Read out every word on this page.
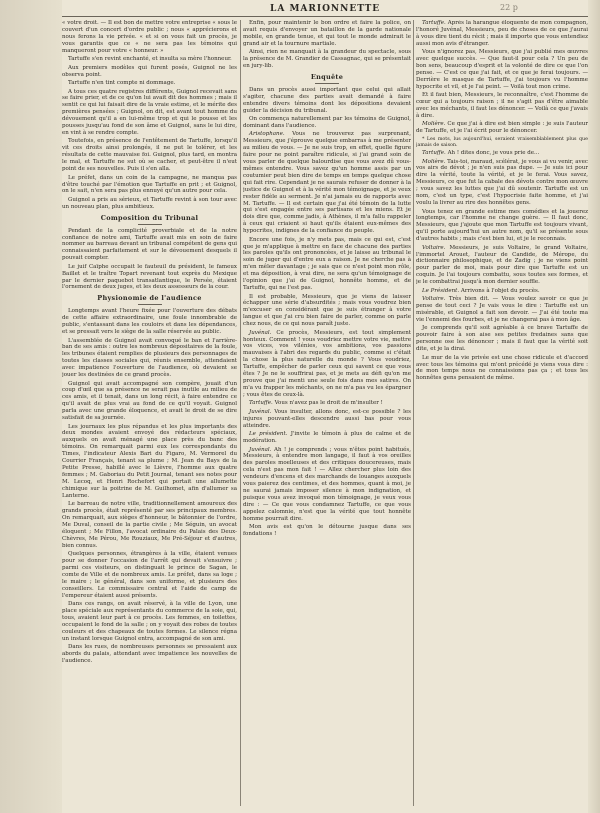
LA MARIONNETTE	22 p

« votre droit. — Il est bon de mettre votre entreprise « sous le couvert d'un concert d'ordre public ; nous « apprécierons et nous ferons la vie privée. « et si on vous fait un procès, je vous garantis que ce « ne sera pas les témoins qui manqueront pour votre « honneur. »

Tartuffe s'en revint enchanté, et insulta sa mère l'honneur.

Aux premiers modèles qui furent posés, Guignol ne les observa point.

Tartuffe n'en tint compte ni dommage.

A tous ces quatre registres différents, Guignol recevait sans se faire prier, et de ce qu'on lui avait dit des hommes ; mais il sentit ce qui lui faisait dire de la vraie estime, et le mérite des premières pensées ; Guignol, on dit, est avant tout homme du dévouement qu'il a en lui-même trop et qui le pousse et les pousses jusqu'au fond de son âme et Guignol, sans le lui dire, en vint à se rendre compte.

Toutefois, en présence de l'entêtement de Tartuffe, lorsqu'il vit ces droits ainsi prolongés, il ne put le tolérer, et les résultats de cette mauvaise foi. Guignol, plus tard, en montra le mal, et Tartuffe ne sut où se cacher, et peut-être il n'eut point de ses nouvelles. Puis il s'en alla.

Le préfet, dans un coin de la campagne, ne manqua pas d'être touché par l'émotion que Tartuffe en prit ; et Guignol, on le sait, n'en sera pas plus ennuyé qu'un autre pour cela.

Guignol a pris au sérieux, et Tartuffe revint à son tour avec un nouveau plan, plus ambitieux.

Composition du Tribunal

Pendant de la complicité proverbiale et de la notre confiance de notre ami, Tartuffe avait mis en soin de faire nommer au barreau devant un tribunal compétent de gens qui connaissaient parfaitement et sur le dévouement desquels il pouvait compter.

Le juif Caïphe occupait le fauteuil du président, le fameux Baillet et le traître Topart revenant tout exprès du Mexique par le dernier paquebot transatlantique, le Persée, étaient l'ornement de deux juges, et les deux assesseurs de la cour.

Physionomie de l'audience

Longtemps avant l'heure fixée pour l'ouverture des débats de cette affaire extraordinaire, une foule innombrable de public, s'entassant dans les couloirs et dans les dépendances, et se pressait vers le siège de la salle réservée au public.

L'assemblée de Guignol avait convoqué le ban et l'arrière-ban de ses amis : outre les nombreux dépositaires de la foule, les tribunes étaient remplies de plusieurs des personnages de toutes les classes sociales qui, réunis ensemble, attendaient avec impatience l'ouverture de l'audience, où devaient se jouer les destinées de ce grand procès.

Guignol qui avait accompagné son compère, jouait d'un coup d'œil que sa présence ne serait pas inutile au milieu de ces amis, et il tenait, dans un long récit, à faire entendre ce qu'il avait de plus vrai au fond de ce qu'il voyait. Guignol parla avec une grande éloquence, et avait le droit de se dire satisfait de sa journée.

Les journaux les plus répandus et les plus importants des deux mondes avaient envoyé des rédacteurs spéciaux, auxquels on avait ménagé une place près du banc des témoins. On remarquait parmi eux les correspondants du Times, l'indicateur Alexis Bari du Figaro, M. Vermorel du Courrier Français, tenant sa plume ; M. Jean du Bays de la Petite Presse, habillé avec le Lièvre, l'homme aux quatre femmes ; M. Gaboriau du Petit Journal, tenant ses notes pour M. Lecoq, et Henri Rochefort qui portait une allumette chimique sur la poitrine de M. Guilhomet, afin d'allumer sa Lanterne.

Le barreau de notre ville, traditionnellement amoureux des grands procès, était représenté par ses principaux membres. On remarquait, aux sièges d'honneur, le bâtonnier de l'ordre, Me Duval, conseil de la partie civile ; Me Séguin, un avocat éloquent ; Me Fillon, l'avocat ordinaire du Palais des Deux-Chèvres, Me Pérou, Me Rouziaux, Me Pré-Séjour et d'autres, bien connus.

Quelques personnes, étrangères à la ville, étaient venues pour se donner l'occasion de l'arrêt qui devait s'ensuivre ; parmi ces visiteurs, on distinguait le prince de Sagan, le comte de Ville et de nombreux amis. Le préfet, dans sa loge ; le maire ; le général, dans son uniforme, et plusieurs des conseillers. Le commissaire central et l'aide de camp de l'empereur étaient aussi présents.

Dans ces rangs, on avait réservé, à la ville de Lyon, une place spéciale aux représentants du commerce de la soie, qui, tous, avaient leur part à ce procès. Les femmes, en toilettes, occupaient le fond de la salle ; on y voyait des robes de toutes couleurs et des chapeaux de toutes formes. Le silence régna un instant lorsque Guignol entra, accompagné de son ami.

Dans les rues, de nombreuses personnes se pressaient aux abords du palais, attendant avec impatience les nouvelles de l'audience.

Enfin, pour maintenir le bon ordre et faire la police, on avait requis d'envoyer un bataillon de la garde nationale mobile, en grande tenue, et qui tout le monde admirait le grand air et la tournure martiale.

Ainsi, rien ne manquait à la grandeur du spectacle, sous la présence de M. Grandier de Cassagnac, qui se présentait en jury-lib.

Enquête

Dans un procès aussi important que celui qui allait s'agiter, chacune des parties avait demandé à faire entendre divers témoins dont les dépositions devaient guider la décision du tribunal.

On commença naturellement par les témoins de Guignol, dominant dans l'audience.

Aristophane. Vous ne trouverez pas surprenant, Messieurs, que j'éprouve quelque embarras à me présenter au milieu de vous. — Je ne suis trop, en effet, quelle figure faire pour ne point paraître ridicule, si j'ai grand soin de vous parler de quelque balourdise que vous avez dû vous-mêmes entendre. Vous savez qu'un homme assis par un coutumier peut bien dire de temps en temps quelque chose qui fait rire. Cependant je ne saurais refuser de donner à la justice de Guignol et à la vérité mon témoignage, et je veux rester fidèle au serment. Je n'ai jamais eu de rapports avec M. Tartuffe. — Il est certain que j'ai été témoin de la lutte qui s'est engagée entre ses partisans et les miens. Et je dois dire que, comme jadis, à Athènes, il m'a fallu rappeler à ceux qui criaient si haut qu'ils étaient eux-mêmes des hypocrites, indignes de la confiance du peuple.

Encore une fois, je n'y mets pas, mais ce qui est, c'est que je m'applique à mettre en face de chacune des parties les paroles qu'ils ont prononcées, et je laisse au tribunal le soin de juger qui d'entre eux a raison. Je ne cherche pas à m'en mêler davantage ; je sais que ce n'est point mon rôle, et ma déposition, à vrai dire, ne sera qu'un témoignage de l'opinion que j'ai de Guignol, honnête homme, et de Tartuffe, qui ne l'est pas.

Il est probable, Messieurs, que je viens de laisser échapper une série d'absurdités ; mais vous voudrez bien m'excuser en considérant que je suis étranger à votre langue et que j'ai cru bien faire de parler, comme on parle chez nous, de ce qui nous paraît juste.

Juvénal. Ce procès, Messieurs, est tout simplement honteux. Comment ! vous voudriez mettre votre vie, mettre vos vices, vos vilénies, vos ambitions, vos passions mauvaises à l'abri des regards du public, comme si c'était la chose la plus naturelle du monde ? Vous voudriez, Tartuffe, empêcher de parler ceux qui savent ce que vous êtes ? Je ne le souffrirai pas, et je mets au défi qu'on me prouve que j'ai menti une seule fois dans mes satires. On m'a vu frapper les méchants, on ne m'a pas vu les épargner ; vous êtes de ceux-là.

Tartuffe. Vous n'avez pas le droit de m'insulter !

Juvénal. Vous insulter, allons donc, est-ce possible ? les injures pouvant-elles descendre aussi bas pour vous atteindre.

Le président. J'invite le témoin à plus de calme et de modération.

Juvénal. Ah ! je comprends ; vous n'êtes point habitués, Messieurs, à entendre mon langage, il faut à vos oreilles des paroles moelleuses et des critiques doucereuses, mais cela n'est pas mon fait ! — Allez chercher plus loin des vendeurs d'encens et des marchands de louanges auxquels vous paierez des centimes, et des hommes, quant à moi, je ne saurai jamais imposer silence à mon indignation, et puisque vous avez invoqué mon témoignage, je veux vous dire : — Ce que vous condamnez Tartuffe, ce que vous appelez calomnie, n'est que la vérité que tout honnête homme pourrait dire.

Mon avis est qu'on le détourne jusque dans ses fondations !

Tartuffe. Après la harangue éloquente de mon compagnon, l'honoré Juvénal, Messieurs, peu de choses de ce que j'aurai à vous dire tient du récit ; mais il importe que vous entendiez aussi mon avis d'étranger.

Vous n'ignorez pas, Messieurs, que j'ai publié mes œuvres avec quelque succès. — Que faut-il pour cela ? Un peu de bon sens, beaucoup d'esprit et la volonté de dire ce que l'on pense. — C'est ce que j'ai fait, et ce que je ferai toujours. — Derrière le masque de Tartuffe, j'ai toujours vu l'homme hypocrite et vil, et je l'ai peint. — Voilà tout mon crime.

Et il faut bien, Messieurs, le reconnaître, c'est l'homme de cœur qui a toujours raison ; il ne s'agit pas d'être aimable avec les méchants, il faut les dénoncer. — Voilà ce que j'avais à dire.

Molière. Ce que j'ai à dire est bien simple : je suis l'auteur de Tartuffe, et je l'ai écrit pour le dénoncer.

* Les mots, lus aujourd'hui, seraient vraisemblablement plus que jamais de saison.

Tartuffe. Ah ! dites donc, je vous prie de...

Molière. Tais-toi, maraud, scélérat, je vous ai vu venir, avec vos airs de dévot ; je n'en suis pas dupe. — Je suis ici pour dire la vérité, toute la vérité, et je le ferai. Vous savez, Messieurs, ce que fut la cabale des dévots contre mon œuvre ; vous savez les luttes que j'ai dû soutenir. Tartuffe est un nom, c'est un type, c'est l'hypocrisie faite homme, et j'ai voulu la livrer au rire des honnêtes gens.

Vous tenez en grande estime mes comédies et la jouerez longtemps, car l'homme ne change guère. — Il faut donc, Messieurs, que j'ajoute que mon Tartuffe est toujours vivant, qu'il porte aujourd'hui un autre nom, qu'il se présente sous d'autres habits ; mais c'est bien lui, et je le reconnais.

Voltaire. Messieurs, je suis Voltaire, le grand Voltaire, l'immortel Arouet, l'auteur de Candide, de Mérope, du dictionnaire philosophique, et de Zadig ; je ne viens point pour parler de moi, mais pour dire que Tartuffe est un coquin. Je l'ai toujours combattu, sous toutes ses formes, et je le combattrai jusqu'à mon dernier souffle.

Le Président. Arrivons à l'objet du procès.

Voltaire. Très bien dit. — Vous voulez savoir ce que je pense de tout ceci ? Je vais vous le dire : Tartuffe est un misérable, et Guignol a fait son devoir. — J'ai été toute ma vie l'ennemi des fourbes, et je ne changerai pas à mon âge.

Je comprends qu'il soit agréable à ce brave Tartuffe de pouvoir faire à son aise ses petites fredaines sans que personne ose les dénoncer ; mais il faut que la vérité soit dite, et je la dirai.

Le mur de la vie privée est une chose ridicule et d'accord avec tous les témoins qui m'ont précédé je viens vous dire : de mon temps nous ne connaissions pas ça ; et tous les honnêtes gens pensaient de même.
